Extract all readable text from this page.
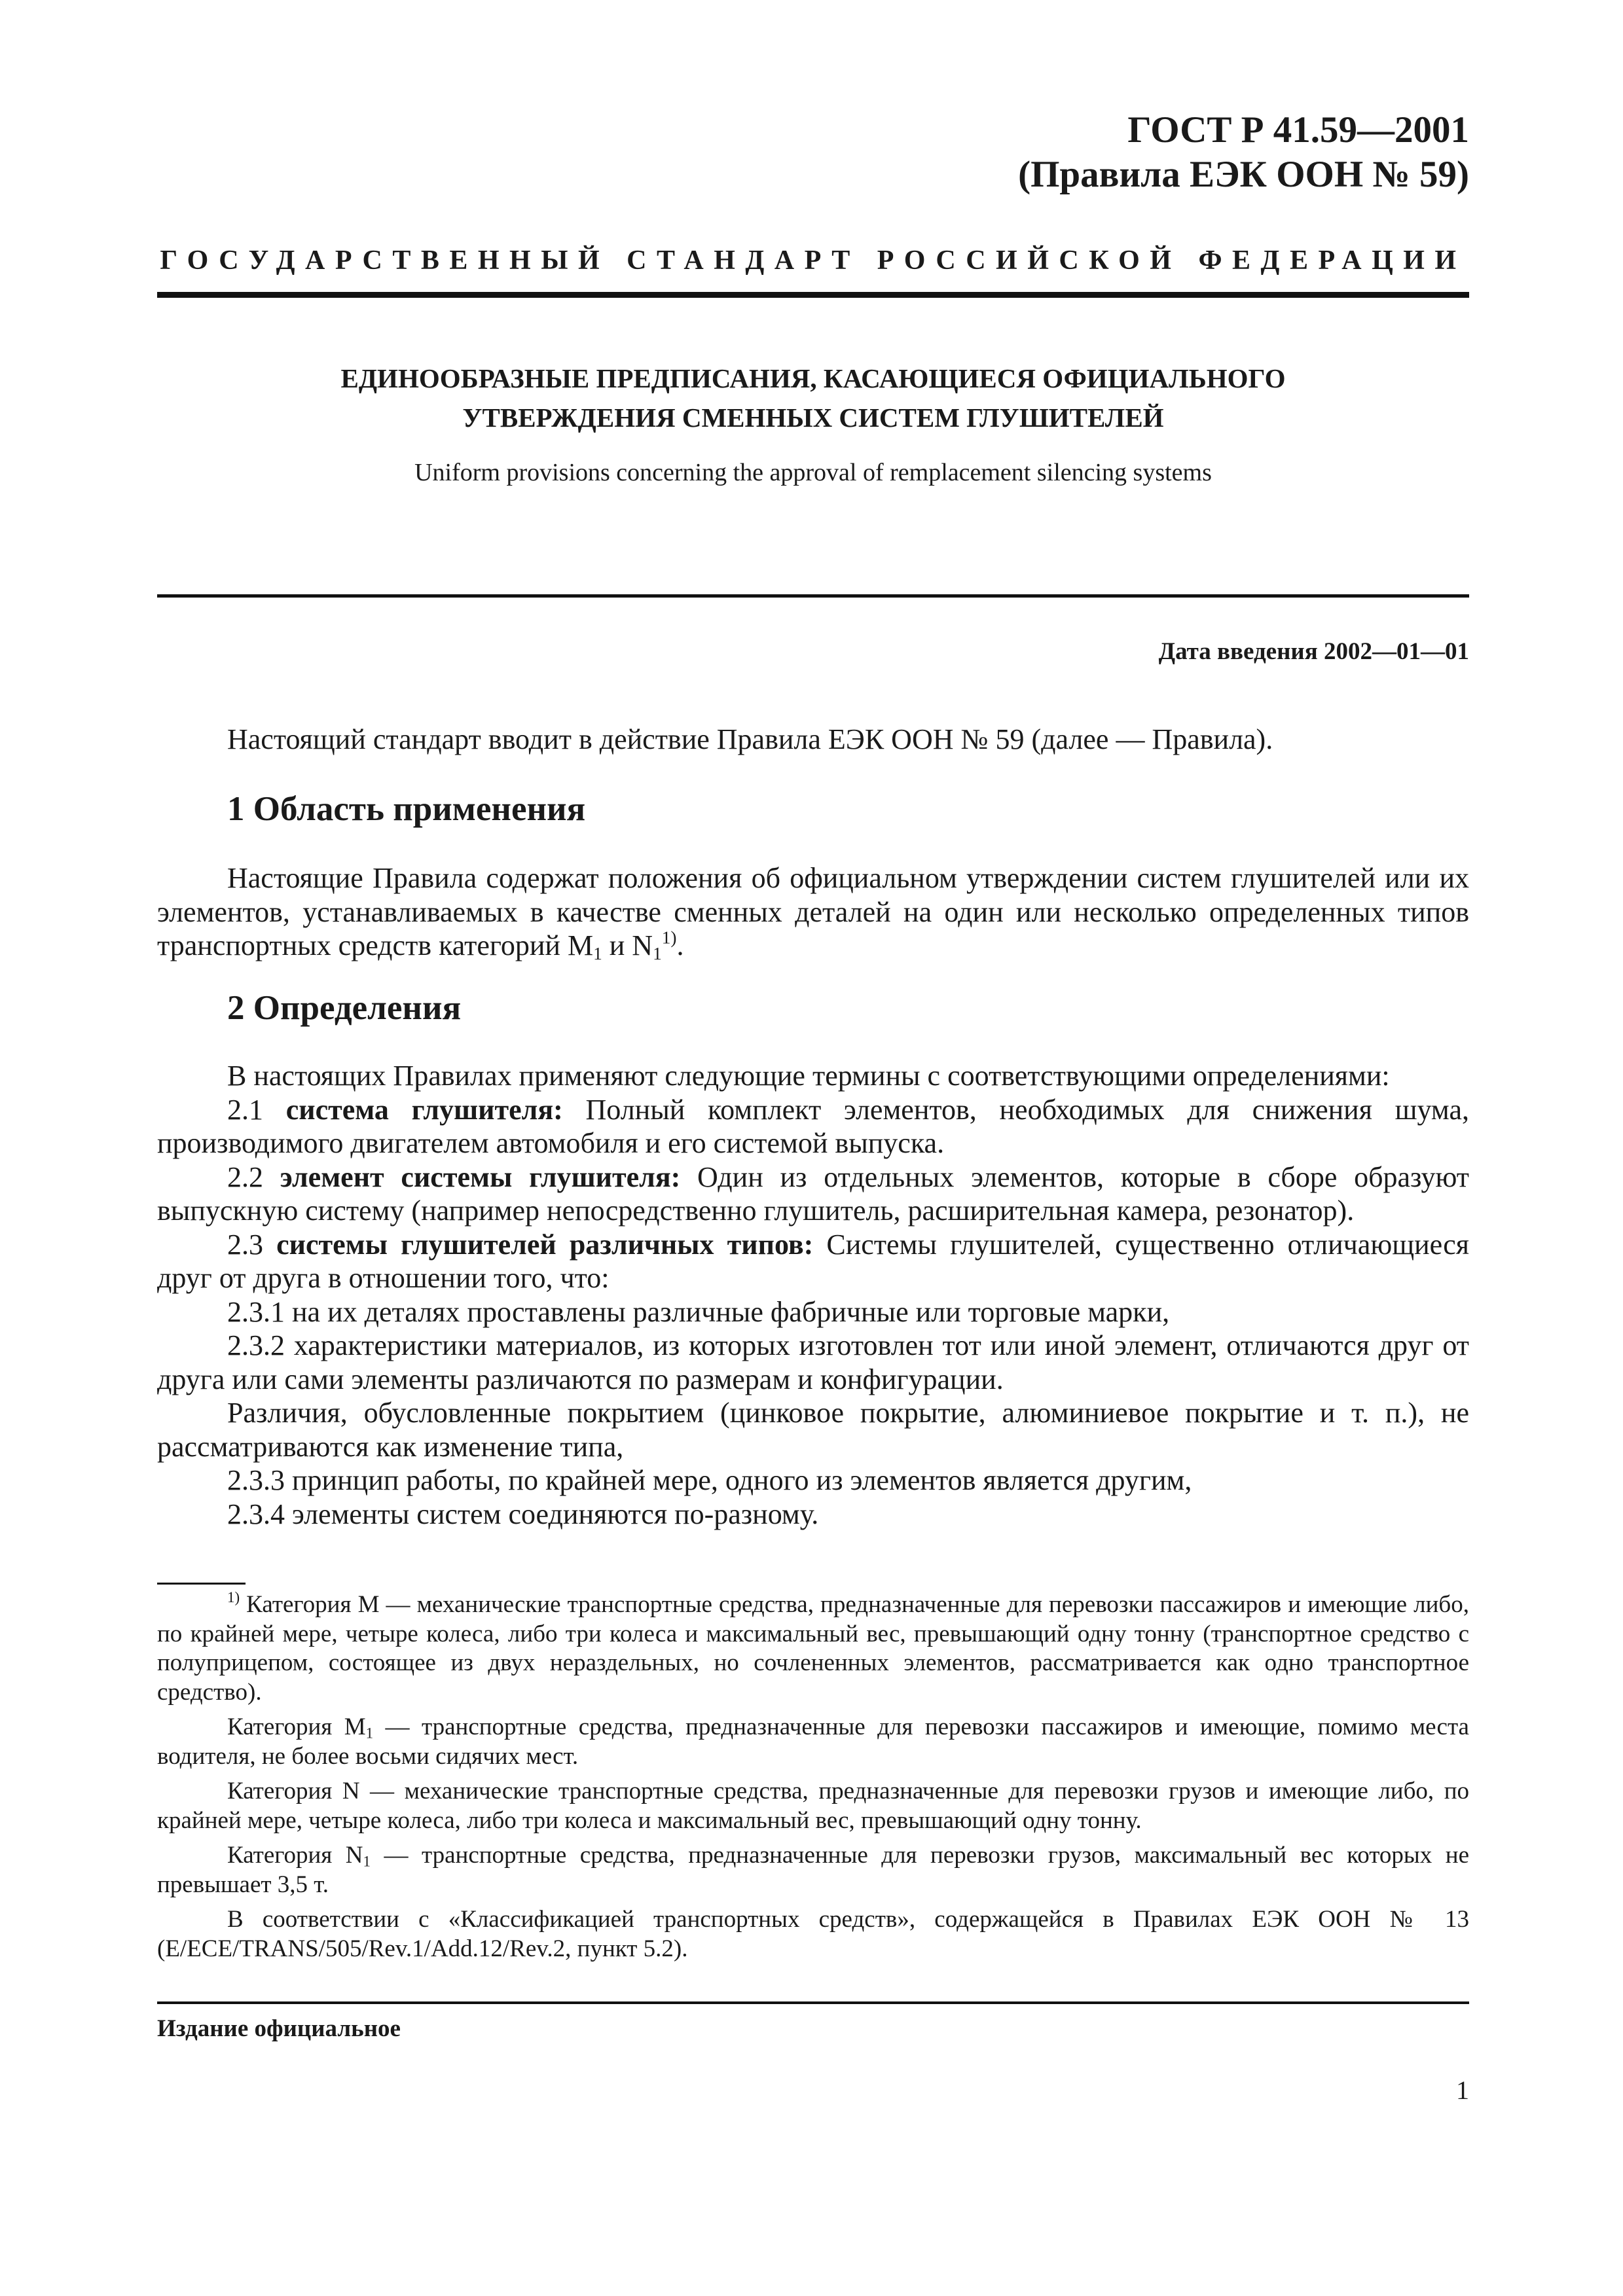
ГОСТ Р 41.59—2001
(Правила ЕЭК ООН № 59)
ГОСУДАРСТВЕННЫЙ СТАНДАРТ РОССИЙСКОЙ ФЕДЕРАЦИИ
ЕДИНООБРАЗНЫЕ ПРЕДПИСАНИЯ, КАСАЮЩИЕСЯ ОФИЦИАЛЬНОГО
УТВЕРЖДЕНИЯ СМЕННЫХ СИСТЕМ ГЛУШИТЕЛЕЙ
Uniform provisions concerning the approval of remplacement silencing systems
Дата введения 2002—01—01

Настоящий стандарт вводит в действие Правила ЕЭК ООН № 59 (далее — Правила).

1 Область применения

Настоящие Правила содержат положения об официальном утверждении систем глушителей или их элементов, устанавливаемых в качестве сменных деталей на один или несколько определенных типов транспортных средств категорий $M_1$ и $N_1^{1)}$.

2 Определения

В настоящих Правилах применяют следующие термины с соответствующими определениями:

2.1 система глушителя: Полный комплект элементов, необходимых для снижения шума, производимого двигателем автомобиля и его системой выпуска.

2.2 элемент системы глушителя: Один из отдельных элементов, которые в сборе образуют выпускную систему (например непосредственно глушитель, расширительная камера, резонатор).

2.3 системы глушителей различных типов: Системы глушителей, существенно отличающиеся друг от друга в отношении того, что:

2.3.1 на их деталях проставлены различные фабричные или торговые марки,

2.3.2 характеристики материалов, из которых изготовлен тот или иной элемент, отличаются друг от друга или сами элементы различаются по размерам и конфигурации.

Различия, обусловленные покрытием (цинковое покрытие, алюминиевое покрытие и т. п.), не рассматриваются как изменение типа,

2.3.3 принцип работы, по крайней мере, одного из элементов является другим,

2.3.4 элементы систем соединяются по-разному.

$^{1)}$ Категория М — механические транспортные средства, предназначенные для перевозки пассажиров и имеющие либо, по крайней мере, четыре колеса, либо три колеса и максимальный вес, превышающий одну тонну (транспортное средство с полуприцепом, состоящее из двух нераздельных, но сочлененных элементов, рассматривается как одно транспортное средство).

Категория $M_1$ — транспортные средства, предназначенные для перевозки пассажиров и имеющие, помимо места водителя, не более восьми сидячих мест.

Категория N — механические транспортные средства, предназначенные для перевозки грузов и имеющие либо, по крайней мере, четыре колеса, либо три колеса и максимальный вес, превышающий одну тонну.

Категория $N_1$ — транспортные средства, предназначенные для перевозки грузов, максимальный вес которых не превышает 3,5 т.

В соответствии с «Классификацией транспортных средств», содержащейся в Правилах ЕЭК ООН № 13 (E/ECE/TRANS/505/Rev.1/Add.12/Rev.2, пункт 5.2).

Издание официальное
1
